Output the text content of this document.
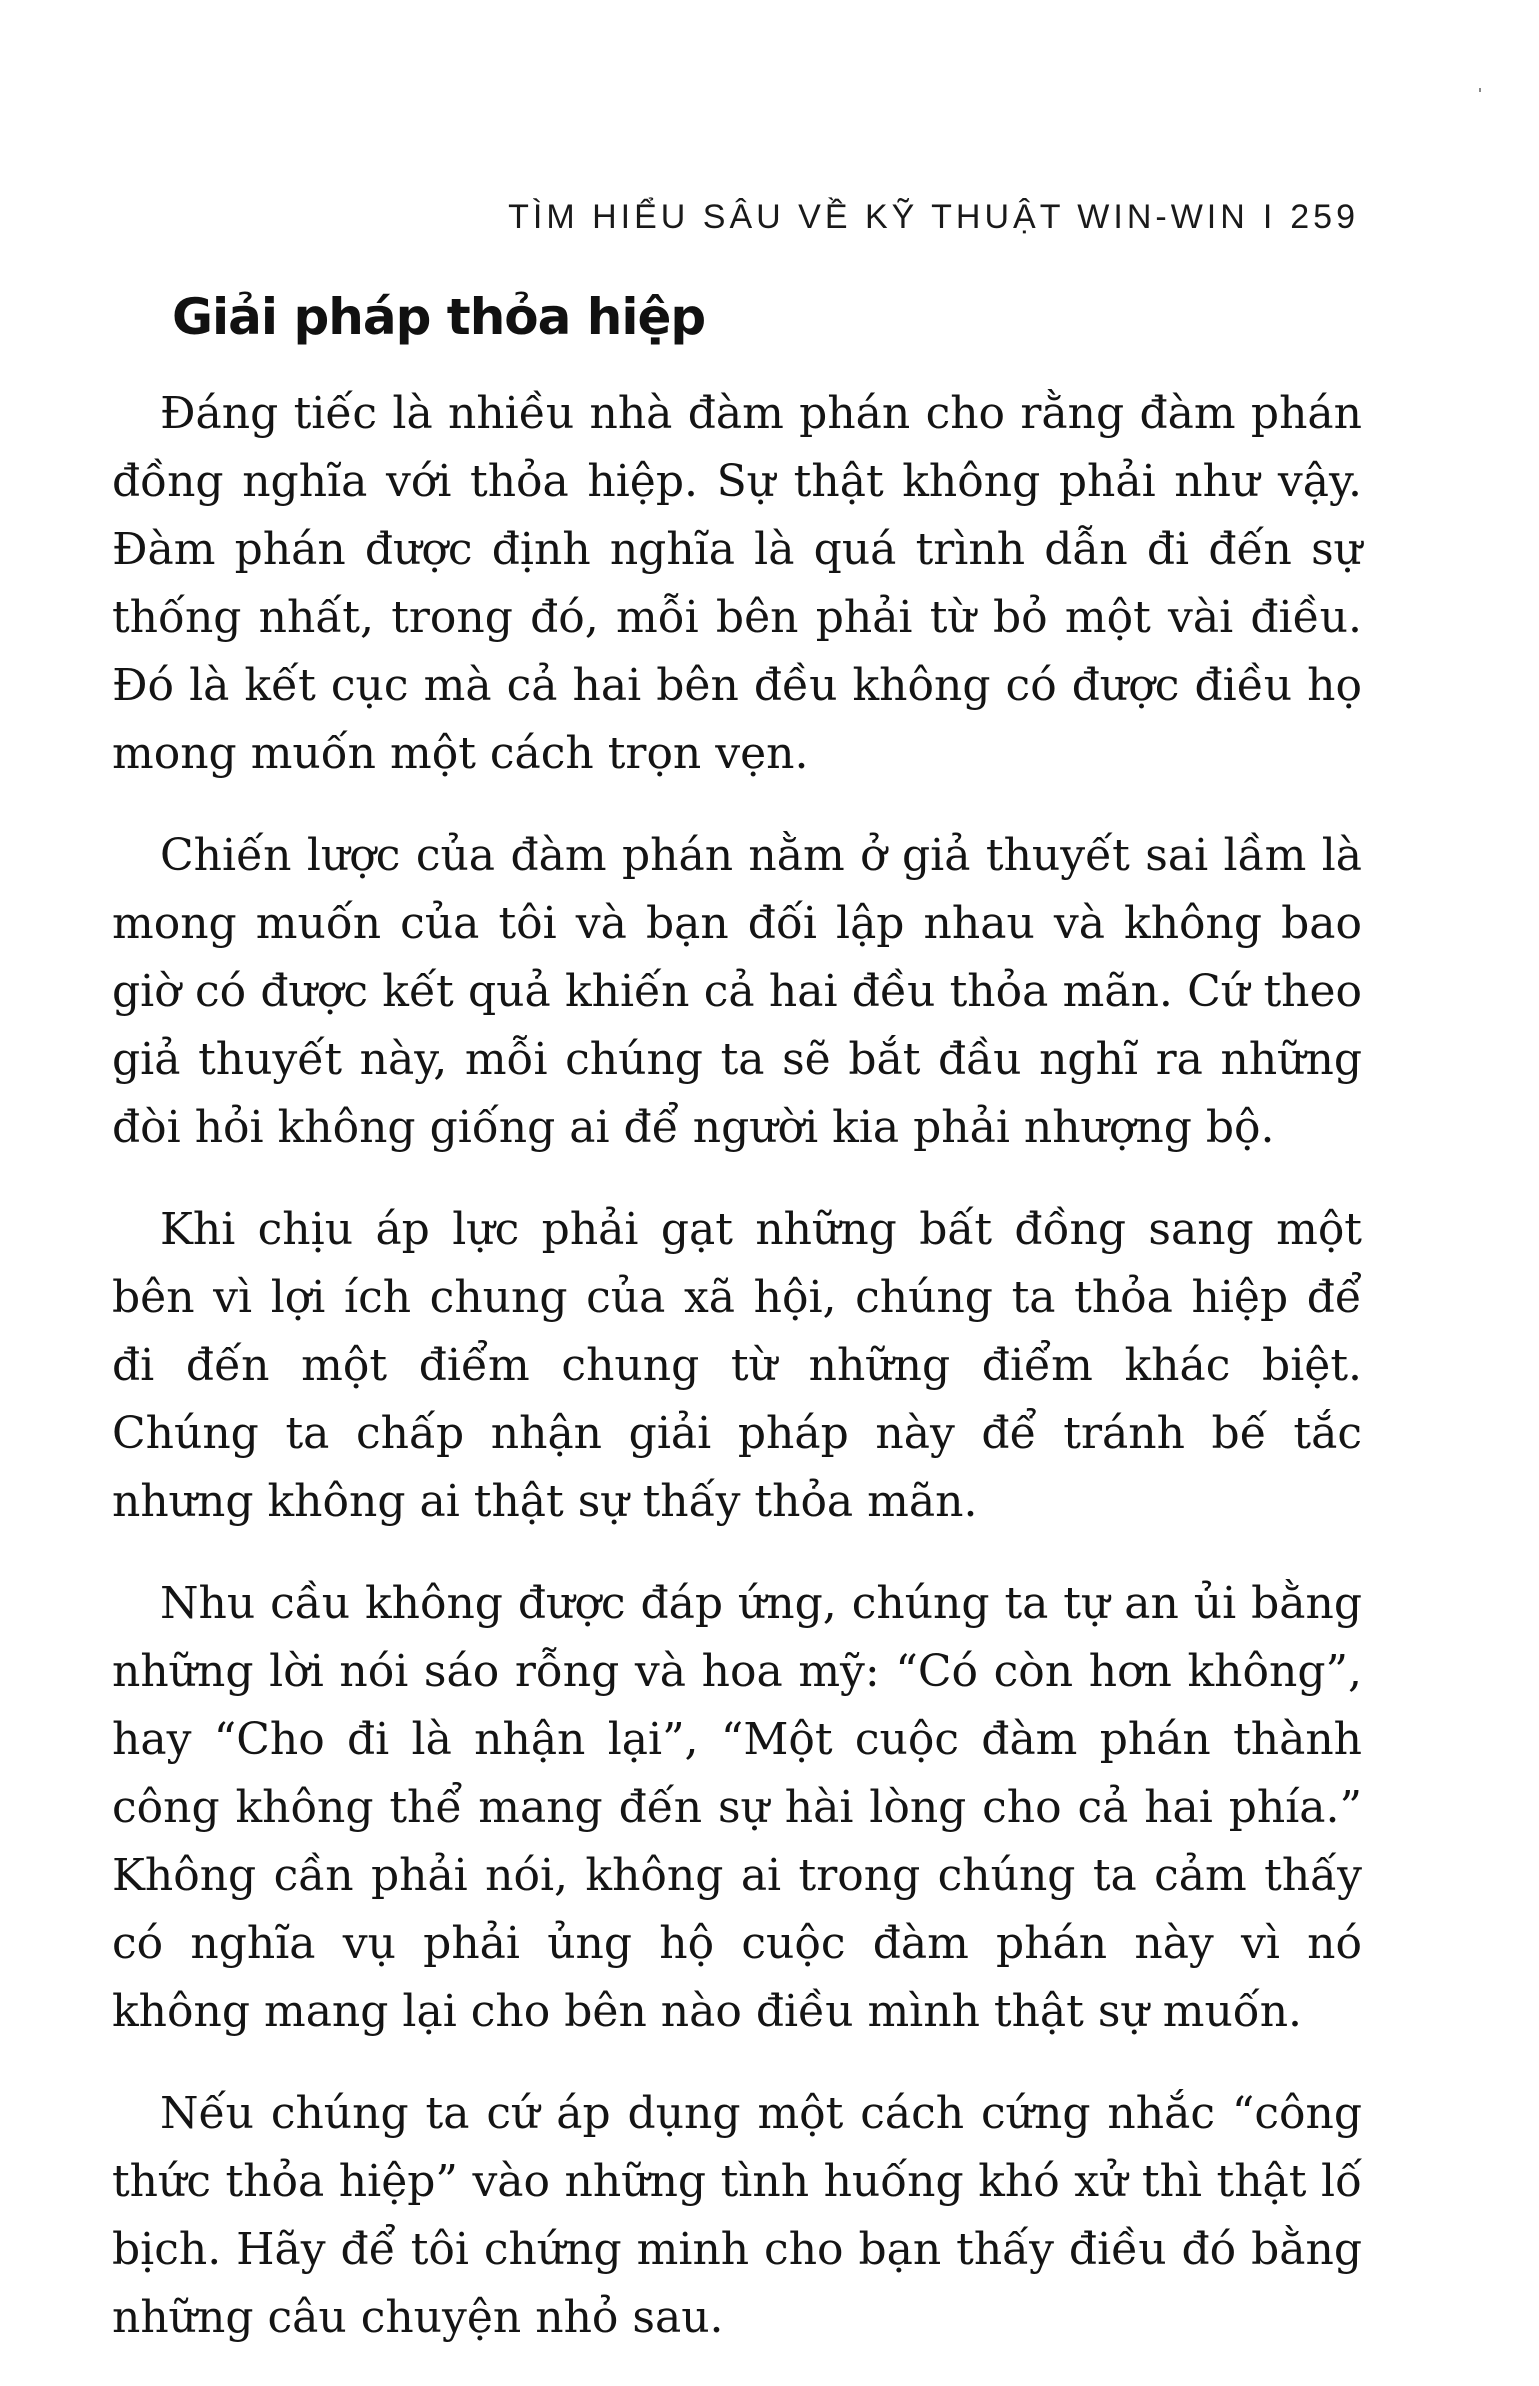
TÌM HIỂU SÂU VỀ KỸ THUẬT WIN-WIN I 259
Giải pháp thỏa hiệp

Đáng tiếc là nhiều nhà đàm phán cho rằng đàm phán đồng nghĩa với thỏa hiệp. Sự thật không phải như vậy. Đàm phán được định nghĩa là quá trình dẫn đi đến sự thống nhất, trong đó, mỗi bên phải từ bỏ một vài điều. Đó là kết cục mà cả hai bên đều không có được điều họ mong muốn một cách trọn vẹn.

Chiến lược của đàm phán nằm ở giả thuyết sai lầm là mong muốn của tôi và bạn đối lập nhau và không bao giờ có được kết quả khiến cả hai đều thỏa mãn. Cứ theo giả thuyết này, mỗi chúng ta sẽ bắt đầu nghĩ ra những đòi hỏi không giống ai để người kia phải nhượng bộ.

Khi chịu áp lực phải gạt những bất đồng sang một bên vì lợi ích chung của xã hội, chúng ta thỏa hiệp để đi đến một điểm chung từ những điểm khác biệt. Chúng ta chấp nhận giải pháp này để tránh bế tắc nhưng không ai thật sự thấy thỏa mãn.

Nhu cầu không được đáp ứng, chúng ta tự an ủi bằng những lời nói sáo rỗng và hoa mỹ: “Có còn hơn không”, hay “Cho đi là nhận lại”, “Một cuộc đàm phán thành công không thể mang đến sự hài lòng cho cả hai phía.” Không cần phải nói, không ai trong chúng ta cảm thấy có nghĩa vụ phải ủng hộ cuộc đàm phán này vì nó không mang lại cho bên nào điều mình thật sự muốn.

Nếu chúng ta cứ áp dụng một cách cứng nhắc “công thức thỏa hiệp” vào những tình huống khó xử thì thật lố bịch. Hãy để tôi chứng minh cho bạn thấy điều đó bằng những câu chuyện nhỏ sau.
